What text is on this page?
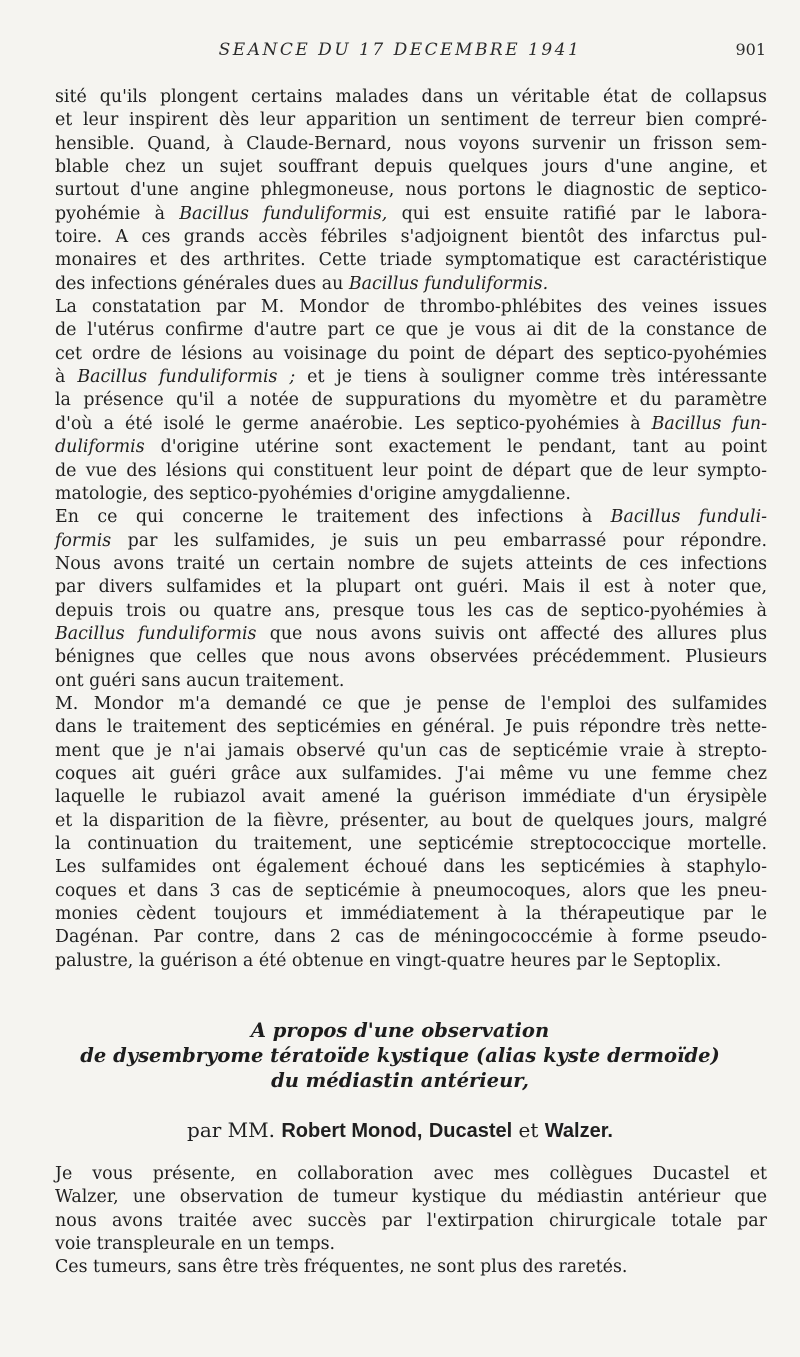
SEANCE DU 17 DECEMBRE 1941	901
sité qu'ils plongent certains malades dans un véritable état de collapsus
et leur inspirent dès leur apparition un sentiment de terreur bien compré-
hensible. Quand, à Claude-Bernard, nous voyons survenir un frisson sem-
blable chez un sujet souffrant depuis quelques jours d'une angine, et
surtout d'une angine phlegmoneuse, nous portons le diagnostic de septico-
pyohémie à Bacillus funduliformis, qui est ensuite ratifié par le labora-
toire. A ces grands accès fébriles s'adjoignent bientôt des infarctus pul-
monaires et des arthrites. Cette triade symptomatique est caractéristique
des infections générales dues au Bacillus funduliformis.
La constatation par M. Mondor de thrombo-phlébites des veines issues
de l'utérus confirme d'autre part ce que je vous ai dit de la constance de
cet ordre de lésions au voisinage du point de départ des septico-pyohémies
à Bacillus funduliformis ; et je tiens à souligner comme très intéressante
la présence qu'il a notée de suppurations du myomètre et du paramètre
d'où a été isolé le germe anaérobie. Les septico-pyohémies à Bacillus fun-
duliformis d'origine utérine sont exactement le pendant, tant au point
de vue des lésions qui constituent leur point de départ que de leur sympto-
matologie, des septico-pyohémies d'origine amygdalienne.
En ce qui concerne le traitement des infections à Bacillus funduli-
formis par les sulfamides, je suis un peu embarrassé pour répondre.
Nous avons traité un certain nombre de sujets atteints de ces infections
par divers sulfamides et la plupart ont guéri. Mais il est à noter que,
depuis trois ou quatre ans, presque tous les cas de septico-pyohémies à
Bacillus funduliformis que nous avons suivis ont affecté des allures plus
bénignes que celles que nous avons observées précédemment. Plusieurs
ont guéri sans aucun traitement.
M. Mondor m'a demandé ce que je pense de l'emploi des sulfamides
dans le traitement des septicémies en général. Je puis répondre très nette-
ment que je n'ai jamais observé qu'un cas de septicémie vraie à strepto-
coques ait guéri grâce aux sulfamides. J'ai même vu une femme chez
laquelle le rubiazol avait amené la guérison immédiate d'un érysipèle
et la disparition de la fièvre, présenter, au bout de quelques jours, malgré
la continuation du traitement, une septicémie streptococcique mortelle.
Les sulfamides ont également échoué dans les septicémies à staphylo-
coques et dans 3 cas de septicémie à pneumocoques, alors que les pneu-
monies cèdent toujours et immédiatement à la thérapeutique par le
Dagénan. Par contre, dans 2 cas de méningococcémie à forme pseudo-
palustre, la guérison a été obtenue en vingt-quatre heures par le Septoplix.
A propos d'une observation
de dysembryome tératoïde kystique (alias kyste dermoïde)
du médiastin antérieur,
par MM. Robert Monod, Ducastel et Walzer.
Je vous présente, en collaboration avec mes collègues Ducastel et
Walzer, une observation de tumeur kystique du médiastin antérieur que
nous avons traitée avec succès par l'extirpation chirurgicale totale par
voie transpleurale en un temps.
Ces tumeurs, sans être très fréquentes, ne sont plus des raretés.
